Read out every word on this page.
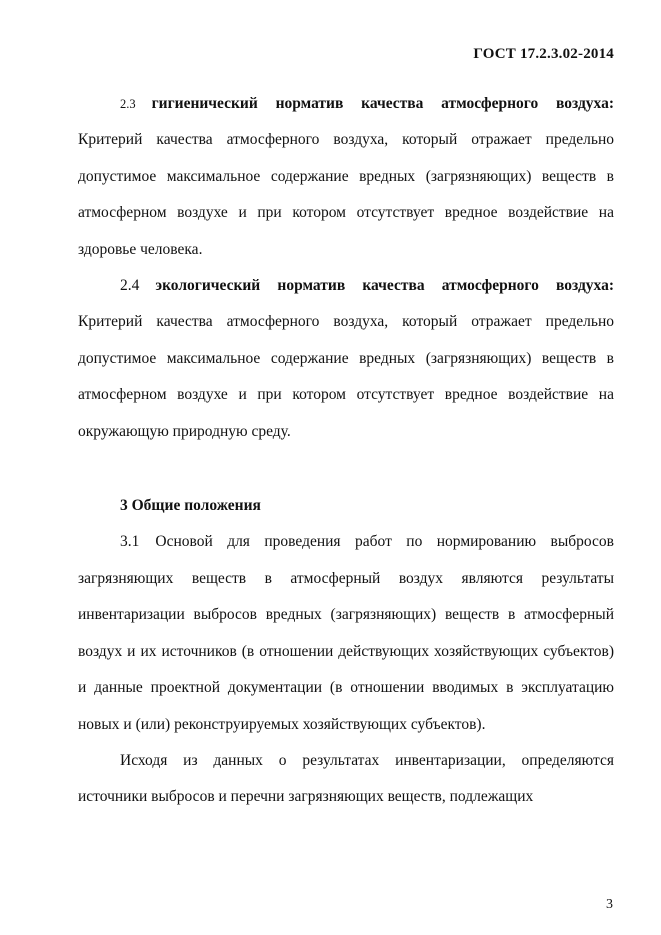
ГОСТ 17.2.3.02-2014

2.3 гигиенический норматив качества атмосферного воздуха: Критерий качества атмосферного воздуха, который отражает предельно допустимое максимальное содержание вредных (загрязняющих) веществ в атмосферном воздухе и при котором отсутствует вредное воздействие на здоровье человека.

2.4 экологический норматив качества атмосферного воздуха: Критерий качества атмосферного воздуха, который отражает предельно допустимое максимальное содержание вредных (загрязняющих) веществ в атмосферном воздухе и при котором отсутствует вредное воздействие на окружающую природную среду.

3 Общие положения

3.1 Основой для проведения работ по нормированию выбросов загрязняющих веществ в атмосферный воздух являются результаты инвентаризации выбросов вредных (загрязняющих) веществ в атмосферный воздух и их источников (в отношении действующих хозяйствующих субъектов) и данные проектной документации (в отношении вводимых в эксплуатацию новых и (или) реконструируемых хозяйствующих субъектов).

Исходя из данных о результатах инвентаризации, определяются источники выбросов и перечни загрязняющих веществ, подлежащих

3
